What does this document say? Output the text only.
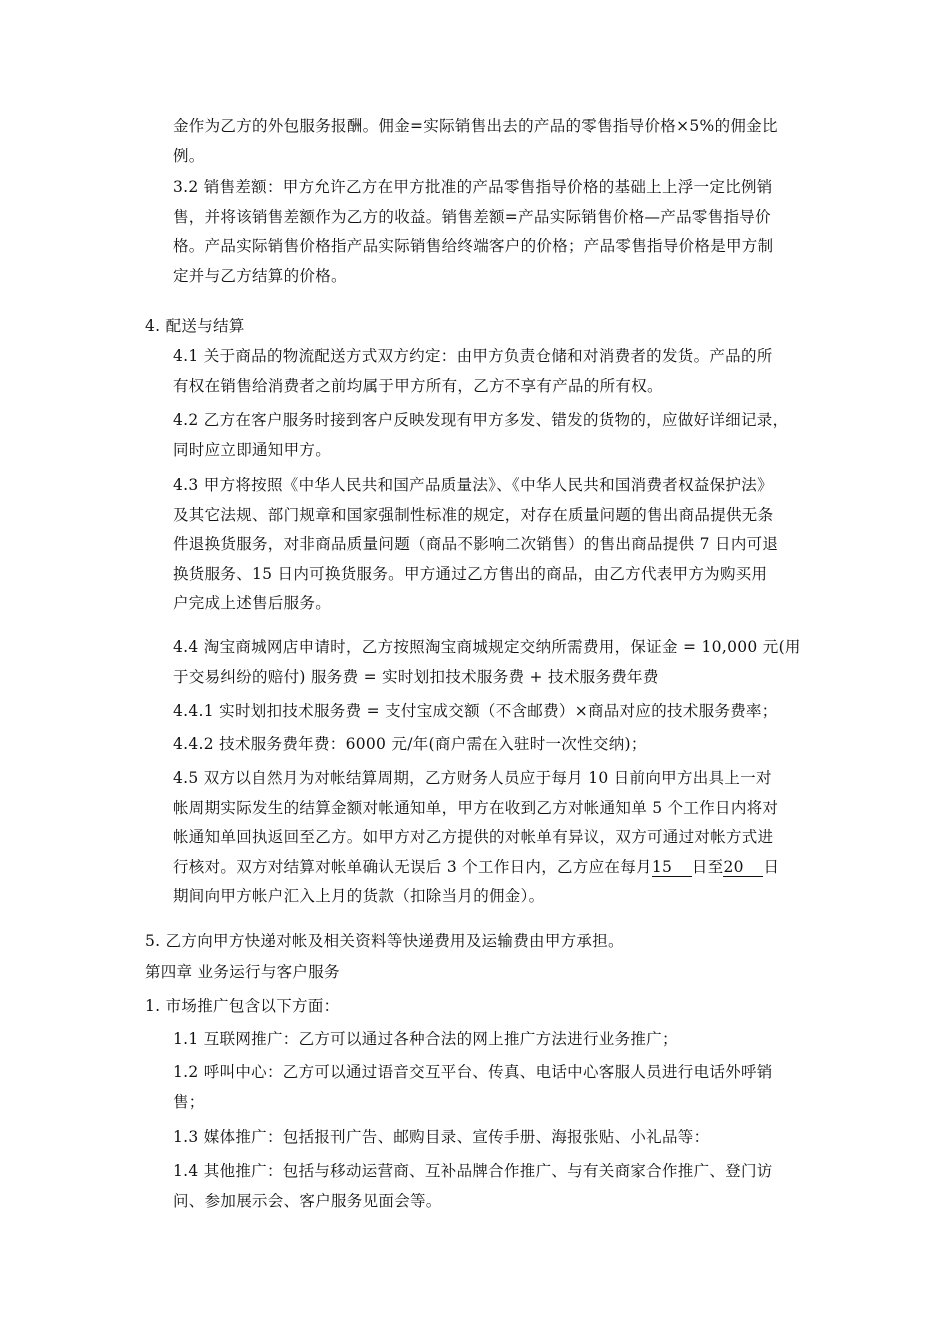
金作为乙方的外包服务报酬。佣金=实际销售出去的产品的零售指导价格×5%的佣金比
例。
3.2 销售差额：甲方允许乙方在甲方批准的产品零售指导价格的基础上上浮一定比例销
售，并将该销售差额作为乙方的收益。销售差额=产品实际销售价格—产品零售指导价
格。产品实际销售价格指产品实际销售给终端客户的价格；产品零售指导价格是甲方制
定并与乙方结算的价格。
4. 配送与结算
4.1 关于商品的物流配送方式双方约定：由甲方负责仓储和对消费者的发货。产品的所
有权在销售给消费者之前均属于甲方所有，乙方不享有产品的所有权。
4.2 乙方在客户服务时接到客户反映发现有甲方多发、错发的货物的，应做好详细记录，
同时应立即通知甲方。
4.3 甲方将按照《中华人民共和国产品质量法》、《中华人民共和国消费者权益保护法》
及其它法规、部门规章和国家强制性标准的规定，对存在质量问题的售出商品提供无条
件退换货服务，对非商品质量问题（商品不影响二次销售）的售出商品提供 7 日内可退
换货服务、15 日内可换货服务。甲方通过乙方售出的商品，由乙方代表甲方为购买用
户完成上述售后服务。
4.4 淘宝商城网店申请时，乙方按照淘宝商城规定交纳所需费用，保证金 = 10,000 元(用
于交易纠纷的赔付) 服务费 = 实时划扣技术服务费 + 技术服务费年费
4.4.1 实时划扣技术服务费 = 支付宝成交额（不含邮费）×商品对应的技术服务费率；
4.4.2 技术服务费年费：6000 元/年(商户需在入驻时一次性交纳)；
4.5 双方以自然月为对帐结算周期，乙方财务人员应于每月 10 日前向甲方出具上一对
帐周期实际发生的结算金额对帐通知单，甲方在收到乙方对帐通知单 5 个工作日内将对
帐通知单回执返回至乙方。如甲方对乙方提供的对帐单有异议，双方可通过对帐方式进
行核对。双方对结算对帐单确认无误后 3 个工作日内，乙方应在每月15 日至20 日
期间向甲方帐户汇入上月的货款（扣除当月的佣金）。
5. 乙方向甲方快递对帐及相关资料等快递费用及运输费由甲方承担。
第四章 业务运行与客户服务
1. 市场推广包含以下方面：
1.1 互联网推广：乙方可以通过各种合法的网上推广方法进行业务推广；
1.2 呼叫中心：乙方可以通过语音交互平台、传真、电话中心客服人员进行电话外呼销
售；
1.3 媒体推广：包括报刊广告、邮购目录、宣传手册、海报张贴、小礼品等：
1.4 其他推广：包括与移动运营商、互补品牌合作推广、与有关商家合作推广、登门访
问、参加展示会、客户服务见面会等。
